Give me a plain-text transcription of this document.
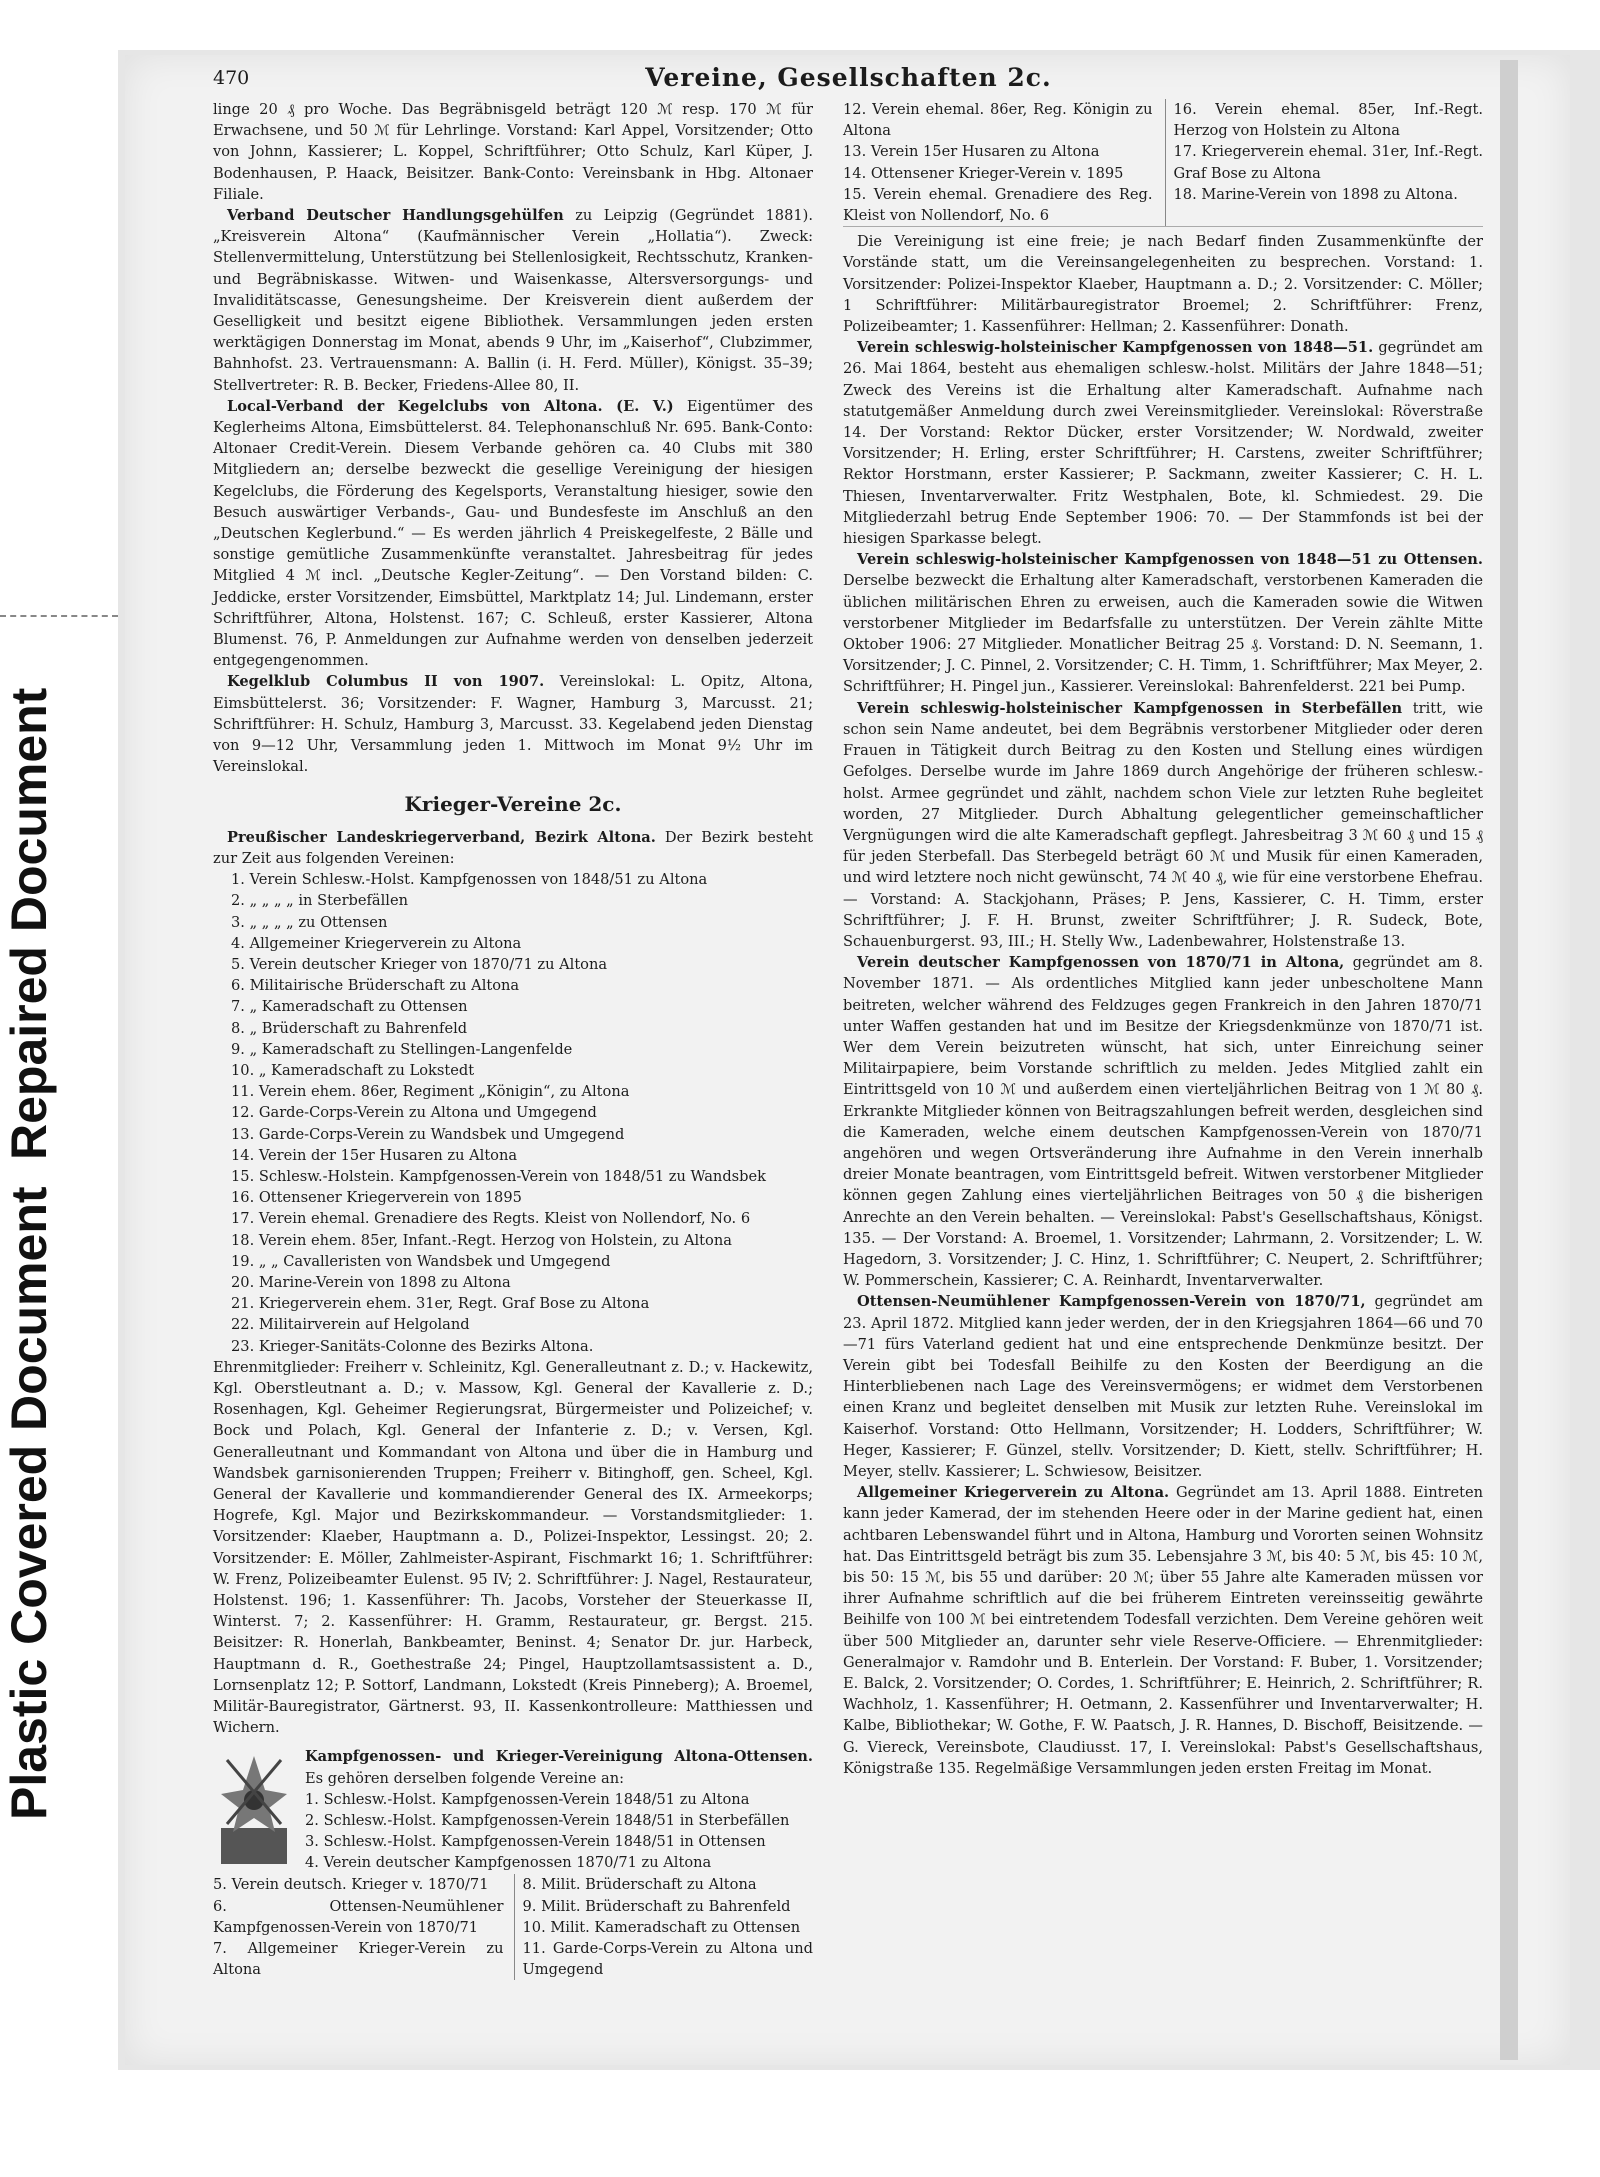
Plastic Covered Document
Repaired Document
470	Vereine, Gesellschaften 2c.

linge 20 ₰ pro Woche. Das Begräbnisgeld beträgt 120 ℳ resp. 170 ℳ für Erwachsene, und 50 ℳ für Lehrlinge. Vorstand: Karl Appel, Vorsitzender; Otto von Johnn, Kassierer; L. Koppel, Schriftführer; Otto Schulz, Karl Küper, J. Bodenhausen, P. Haack, Beisitzer. Bank-Conto: Vereinsbank in Hbg. Altonaer Filiale.

Verband Deutscher Handlungsgehülfen zu Leipzig (Gegründet 1881). „Kreisverein Altona“ (Kaufmännischer Verein „Hollatia“). Zweck: Stellenvermittelung, Unterstützung bei Stellenlosigkeit, Rechtsschutz, Kranken- und Begräbniskasse. Witwen- und Waisenkasse, Altersversorgungs- und Invaliditätscasse, Genesungsheime. Der Kreisverein dient außerdem der Geselligkeit und besitzt eigene Bibliothek. Versammlungen jeden ersten werktägigen Donnerstag im Monat, abends 9 Uhr, im „Kaiserhof“, Clubzimmer, Bahnhofst. 23. Vertrauensmann: A. Ballin (i. H. Ferd. Müller), Königst. 35–39; Stellvertreter: R. B. Becker, Friedens-Allee 80, II.

Local-Verband der Kegelclubs von Altona. (E. V.) Eigentümer des Keglerheims Altona, Eimsbüttelerst. 84. Telephonanschluß Nr. 695. Bank-Conto: Altonaer Credit-Verein. Diesem Verbande gehören ca. 40 Clubs mit 380 Mitgliedern an; derselbe bezweckt die gesellige Vereinigung der hiesigen Kegelclubs, die Förderung des Kegelsports, Veranstaltung hiesiger, sowie den Besuch auswärtiger Verbands-, Gau- und Bundesfeste im Anschluß an den „Deutschen Keglerbund.“ — Es werden jährlich 4 Preiskegelfeste, 2 Bälle und sonstige gemütliche Zusammenkünfte veranstaltet. Jahresbeitrag für jedes Mitglied 4 ℳ incl. „Deutsche Kegler-Zeitung“. — Den Vorstand bilden: C. Jeddicke, erster Vorsitzender, Eimsbüttel, Marktplatz 14; Jul. Lindemann, erster Schriftführer, Altona, Holstenst. 167; C. Schleuß, erster Kassierer, Altona Blumenst. 76, P. Anmeldungen zur Aufnahme werden von denselben jederzeit entgegengenommen.

Kegelklub Columbus II von 1907. Vereinslokal: L. Opitz, Altona, Eimsbüttelerst. 36; Vorsitzender: F. Wagner, Hamburg 3, Marcusst. 21; Schriftführer: H. Schulz, Hamburg 3, Marcusst. 33. Kegelabend jeden Dienstag von 9—12 Uhr, Versammlung jeden 1. Mittwoch im Monat 9½ Uhr im Vereinslokal.

Krieger-Vereine 2c.

Preußischer Landeskriegerverband, Bezirk Altona. Der Bezirk besteht zur Zeit aus folgenden Vereinen:

1. Verein Schlesw.-Holst. Kampfgenossen von 1848/51 zu Altona
2. „ „ „ „ in Sterbefällen
3. „ „ „ „ zu Ottensen
4. Allgemeiner Kriegerverein zu Altona
5. Verein deutscher Krieger von 1870/71 zu Altona
6. Militairische Brüderschaft zu Altona
7. „ Kameradschaft zu Ottensen
8. „ Brüderschaft zu Bahrenfeld
9. „ Kameradschaft zu Stellingen-Langenfelde
10. „ Kameradschaft zu Lokstedt
11. Verein ehem. 86er, Regiment „Königin“, zu Altona
12. Garde-Corps-Verein zu Altona und Umgegend
13. Garde-Corps-Verein zu Wandsbek und Umgegend
14. Verein der 15er Husaren zu Altona
15. Schlesw.-Holstein. Kampfgenossen-Verein von 1848/51 zu Wandsbek
16. Ottensener Kriegerverein von 1895
17. Verein ehemal. Grenadiere des Regts. Kleist von Nollendorf, No. 6
18. Verein ehem. 85er, Infant.-Regt. Herzog von Holstein, zu Altona
19. „ „ Cavalleristen von Wandsbek und Umgegend
20. Marine-Verein von 1898 zu Altona
21. Kriegerverein ehem. 31er, Regt. Graf Bose zu Altona
22. Militairverein auf Helgoland
23. Krieger-Sanitäts-Colonne des Bezirks Altona.

Ehrenmitglieder: Freiherr v. Schleinitz, Kgl. Generalleutnant z. D.; v. Hackewitz, Kgl. Oberstleutnant a. D.; v. Massow, Kgl. General der Kavallerie z. D.; Rosenhagen, Kgl. Geheimer Regierungsrat, Bürgermeister und Polizeichef; v. Bock und Polach, Kgl. General der Infanterie z. D.; v. Versen, Kgl. Generalleutnant und Kommandant von Altona und über die in Hamburg und Wandsbek garnisonierenden Truppen; Freiherr v. Bitinghoff, gen. Scheel, Kgl. General der Kavallerie und kommandierender General des IX. Armeekorps; Hogrefe, Kgl. Major und Bezirkskommandeur. — Vorstandsmitglieder: 1. Vorsitzender: Klaeber, Hauptmann a. D., Polizei-Inspektor, Lessingst. 20; 2. Vorsitzender: E. Möller, Zahlmeister-Aspirant, Fischmarkt 16; 1. Schriftführer: W. Frenz, Polizeibeamter Eulenst. 95 IV; 2. Schriftführer: J. Nagel, Restaurateur, Holstenst. 196; 1. Kassenführer: Th. Jacobs, Vorsteher der Steuerkasse II, Winterst. 7; 2. Kassenführer: H. Gramm, Restaurateur, gr. Bergst. 215. Beisitzer: R. Honerlah, Bankbeamter, Beninst. 4; Senator Dr. jur. Harbeck, Hauptmann d. R., Goethestraße 24; Pingel, Hauptzollamtsassistent a. D., Lornsenplatz 12; P. Sottorf, Landmann, Lokstedt (Kreis Pinneberg); A. Broemel, Militär-Bauregistrator, Gärtnerst. 93, II. Kassenkontrolleure: Matthiessen und Wichern.

Kampfgenossen- und Krieger-Vereinigung Altona-Ottensen. Es gehören derselben folgende Vereine an:

1. Schlesw.-Holst. Kampfgenossen-Verein 1848/51 zu Altona
2. Schlesw.-Holst. Kampfgenossen-Verein 1848/51 in Sterbefällen
3. Schlesw.-Holst. Kampfgenossen-Verein 1848/51 in Ottensen
4. Verein deutscher Kampfgenossen 1870/71 zu Altona
5. Verein deutsch. Krieger v. 1870/71
6. Ottensen-Neumühlener Kampfgenossen-Verein von 1870/71
7. Allgemeiner Krieger-Verein zu Altona
8. Milit. Brüderschaft zu Altona
9. Milit. Brüderschaft zu Bahrenfeld
10. Milit. Kameradschaft zu Ottensen
11. Garde-Corps-Verein zu Altona und Umgegend
12. Verein ehemal. 86er, Reg. Königin zu Altona
13. Verein 15er Husaren zu Altona
14. Ottensener Krieger-Verein v. 1895
15. Verein ehemal. Grenadiere des Reg. Kleist von Nollendorf, No. 6
16. Verein ehemal. 85er, Inf.-Regt. Herzog von Holstein zu Altona
17. Kriegerverein ehemal. 31er, Inf.-Regt. Graf Bose zu Altona
18. Marine-Verein von 1898 zu Altona.

Die Vereinigung ist eine freie; je nach Bedarf finden Zusammenkünfte der Vorstände statt, um die Vereinsangelegenheiten zu besprechen. Vorstand: 1. Vorsitzender: Polizei-Inspektor Klaeber, Hauptmann a. D.; 2. Vorsitzender: C. Möller; 1 Schriftführer: Militärbauregistrator Broemel; 2. Schriftführer: Frenz, Polizeibeamter; 1. Kassenführer: Hellman; 2. Kassenführer: Donath.

Verein schleswig-holsteinischer Kampfgenossen von 1848—51. gegründet am 26. Mai 1864, besteht aus ehemaligen schlesw.-holst. Militärs der Jahre 1848—51; Zweck des Vereins ist die Erhaltung alter Kameradschaft. Aufnahme nach statutgemäßer Anmeldung durch zwei Vereinsmitglieder. Vereinslokal: Röverstraße 14. Der Vorstand: Rektor Dücker, erster Vorsitzender; W. Nordwald, zweiter Vorsitzender; H. Erling, erster Schriftführer; H. Carstens, zweiter Schriftführer; Rektor Horstmann, erster Kassierer; P. Sackmann, zweiter Kassierer; C. H. L. Thiesen, Inventarverwalter. Fritz Westphalen, Bote, kl. Schmiedest. 29. Die Mitgliederzahl betrug Ende September 1906: 70. — Der Stammfonds ist bei der hiesigen Sparkasse belegt.

Verein schleswig-holsteinischer Kampfgenossen von 1848—51 zu Ottensen. Derselbe bezweckt die Erhaltung alter Kameradschaft, verstorbenen Kameraden die üblichen militärischen Ehren zu erweisen, auch die Kameraden sowie die Witwen verstorbener Mitglieder im Bedarfsfalle zu unterstützen. Der Verein zählte Mitte Oktober 1906: 27 Mitglieder. Monatlicher Beitrag 25 ₰. Vorstand: D. N. Seemann, 1. Vorsitzender; J. C. Pinnel, 2. Vorsitzender; C. H. Timm, 1. Schriftführer; Max Meyer, 2. Schriftführer; H. Pingel jun., Kassierer. Vereinslokal: Bahrenfelderst. 221 bei Pump.

Verein schleswig-holsteinischer Kampfgenossen in Sterbefällen tritt, wie schon sein Name andeutet, bei dem Begräbnis verstorbener Mitglieder oder deren Frauen in Tätigkeit durch Beitrag zu den Kosten und Stellung eines würdigen Gefolges. Derselbe wurde im Jahre 1869 durch Angehörige der früheren schlesw.-holst. Armee gegründet und zählt, nachdem schon Viele zur letzten Ruhe begleitet worden, 27 Mitglieder. Durch Abhaltung gelegentlicher gemeinschaftlicher Vergnügungen wird die alte Kameradschaft gepflegt. Jahresbeitrag 3 ℳ 60 ₰ und 15 ₰ für jeden Sterbefall. Das Sterbegeld beträgt 60 ℳ und Musik für einen Kameraden, und wird letztere noch nicht gewünscht, 74 ℳ 40 ₰, wie für eine verstorbene Ehefrau. — Vorstand: A. Stackjohann, Präses; P. Jens, Kassierer, C. H. Timm, erster Schriftführer; J. F. H. Brunst, zweiter Schriftführer; J. R. Sudeck, Bote, Schauenburgerst. 93, III.; H. Stelly Ww., Ladenbewahrer, Holstenstraße 13.

Verein deutscher Kampfgenossen von 1870/71 in Altona, gegründet am 8. November 1871. — Als ordentliches Mitglied kann jeder unbescholtene Mann beitreten, welcher während des Feldzuges gegen Frankreich in den Jahren 1870/71 unter Waffen gestanden hat und im Besitze der Kriegsdenkmünze von 1870/71 ist. Wer dem Verein beizutreten wünscht, hat sich, unter Einreichung seiner Militairpapiere, beim Vorstande schriftlich zu melden. Jedes Mitglied zahlt ein Eintrittsgeld von 10 ℳ und außerdem einen vierteljährlichen Beitrag von 1 ℳ 80 ₰. Erkrankte Mitglieder können von Beitragszahlungen befreit werden, desgleichen sind die Kameraden, welche einem deutschen Kampfgenossen-Verein von 1870/71 angehören und wegen Ortsveränderung ihre Aufnahme in den Verein innerhalb dreier Monate beantragen, vom Eintrittsgeld befreit. Witwen verstorbener Mitglieder können gegen Zahlung eines vierteljährlichen Beitrages von 50 ₰ die bisherigen Anrechte an den Verein behalten. — Vereinslokal: Pabst's Gesellschaftshaus, Königst. 135. — Der Vorstand: A. Broemel, 1. Vorsitzender; Lahrmann, 2. Vorsitzender; L. W. Hagedorn, 3. Vorsitzender; J. C. Hinz, 1. Schriftführer; C. Neupert, 2. Schriftführer; W. Pommerschein, Kassierer; C. A. Reinhardt, Inventarverwalter.

Ottensen-Neumühlener Kampfgenossen-Verein von 1870/71, gegründet am 23. April 1872. Mitglied kann jeder werden, der in den Kriegsjahren 1864—66 und 70—71 fürs Vaterland gedient hat und eine entsprechende Denkmünze besitzt. Der Verein gibt bei Todesfall Beihilfe zu den Kosten der Beerdigung an die Hinterbliebenen nach Lage des Vereinsvermögens; er widmet dem Verstorbenen einen Kranz und begleitet denselben mit Musik zur letzten Ruhe. Vereinslokal im Kaiserhof. Vorstand: Otto Hellmann, Vorsitzender; H. Lodders, Schriftführer; W. Heger, Kassierer; F. Günzel, stellv. Vorsitzender; D. Kiett, stellv. Schriftführer; H. Meyer, stellv. Kassierer; L. Schwiesow, Beisitzer.

Allgemeiner Kriegerverein zu Altona. Gegründet am 13. April 1888. Eintreten kann jeder Kamerad, der im stehenden Heere oder in der Marine gedient hat, einen achtbaren Lebenswandel führt und in Altona, Hamburg und Vororten seinen Wohnsitz hat. Das Eintrittsgeld beträgt bis zum 35. Lebensjahre 3 ℳ, bis 40: 5 ℳ, bis 45: 10 ℳ, bis 50: 15 ℳ, bis 55 und darüber: 20 ℳ; über 55 Jahre alte Kameraden müssen vor ihrer Aufnahme schriftlich auf die bei früherem Eintreten vereinsseitig gewährte Beihilfe von 100 ℳ bei eintretendem Todesfall verzichten. Dem Vereine gehören weit über 500 Mitglieder an, darunter sehr viele Reserve-Officiere. — Ehrenmitglieder: Generalmajor v. Ramdohr und B. Enterlein. Der Vorstand: F. Buber, 1. Vorsitzender; E. Balck, 2. Vorsitzender; O. Cordes, 1. Schriftführer; E. Heinrich, 2. Schriftführer; R. Wachholz, 1. Kassenführer; H. Oetmann, 2. Kassenführer und Inventarverwalter; H. Kalbe, Bibliothekar; W. Gothe, F. W. Paatsch, J. R. Hannes, D. Bischoff, Beisitzende. — G. Viereck, Vereinsbote, Claudiusst. 17, I. Vereinslokal: Pabst's Gesellschaftshaus, Königstraße 135. Regelmäßige Versammlungen jeden ersten Freitag im Monat.
